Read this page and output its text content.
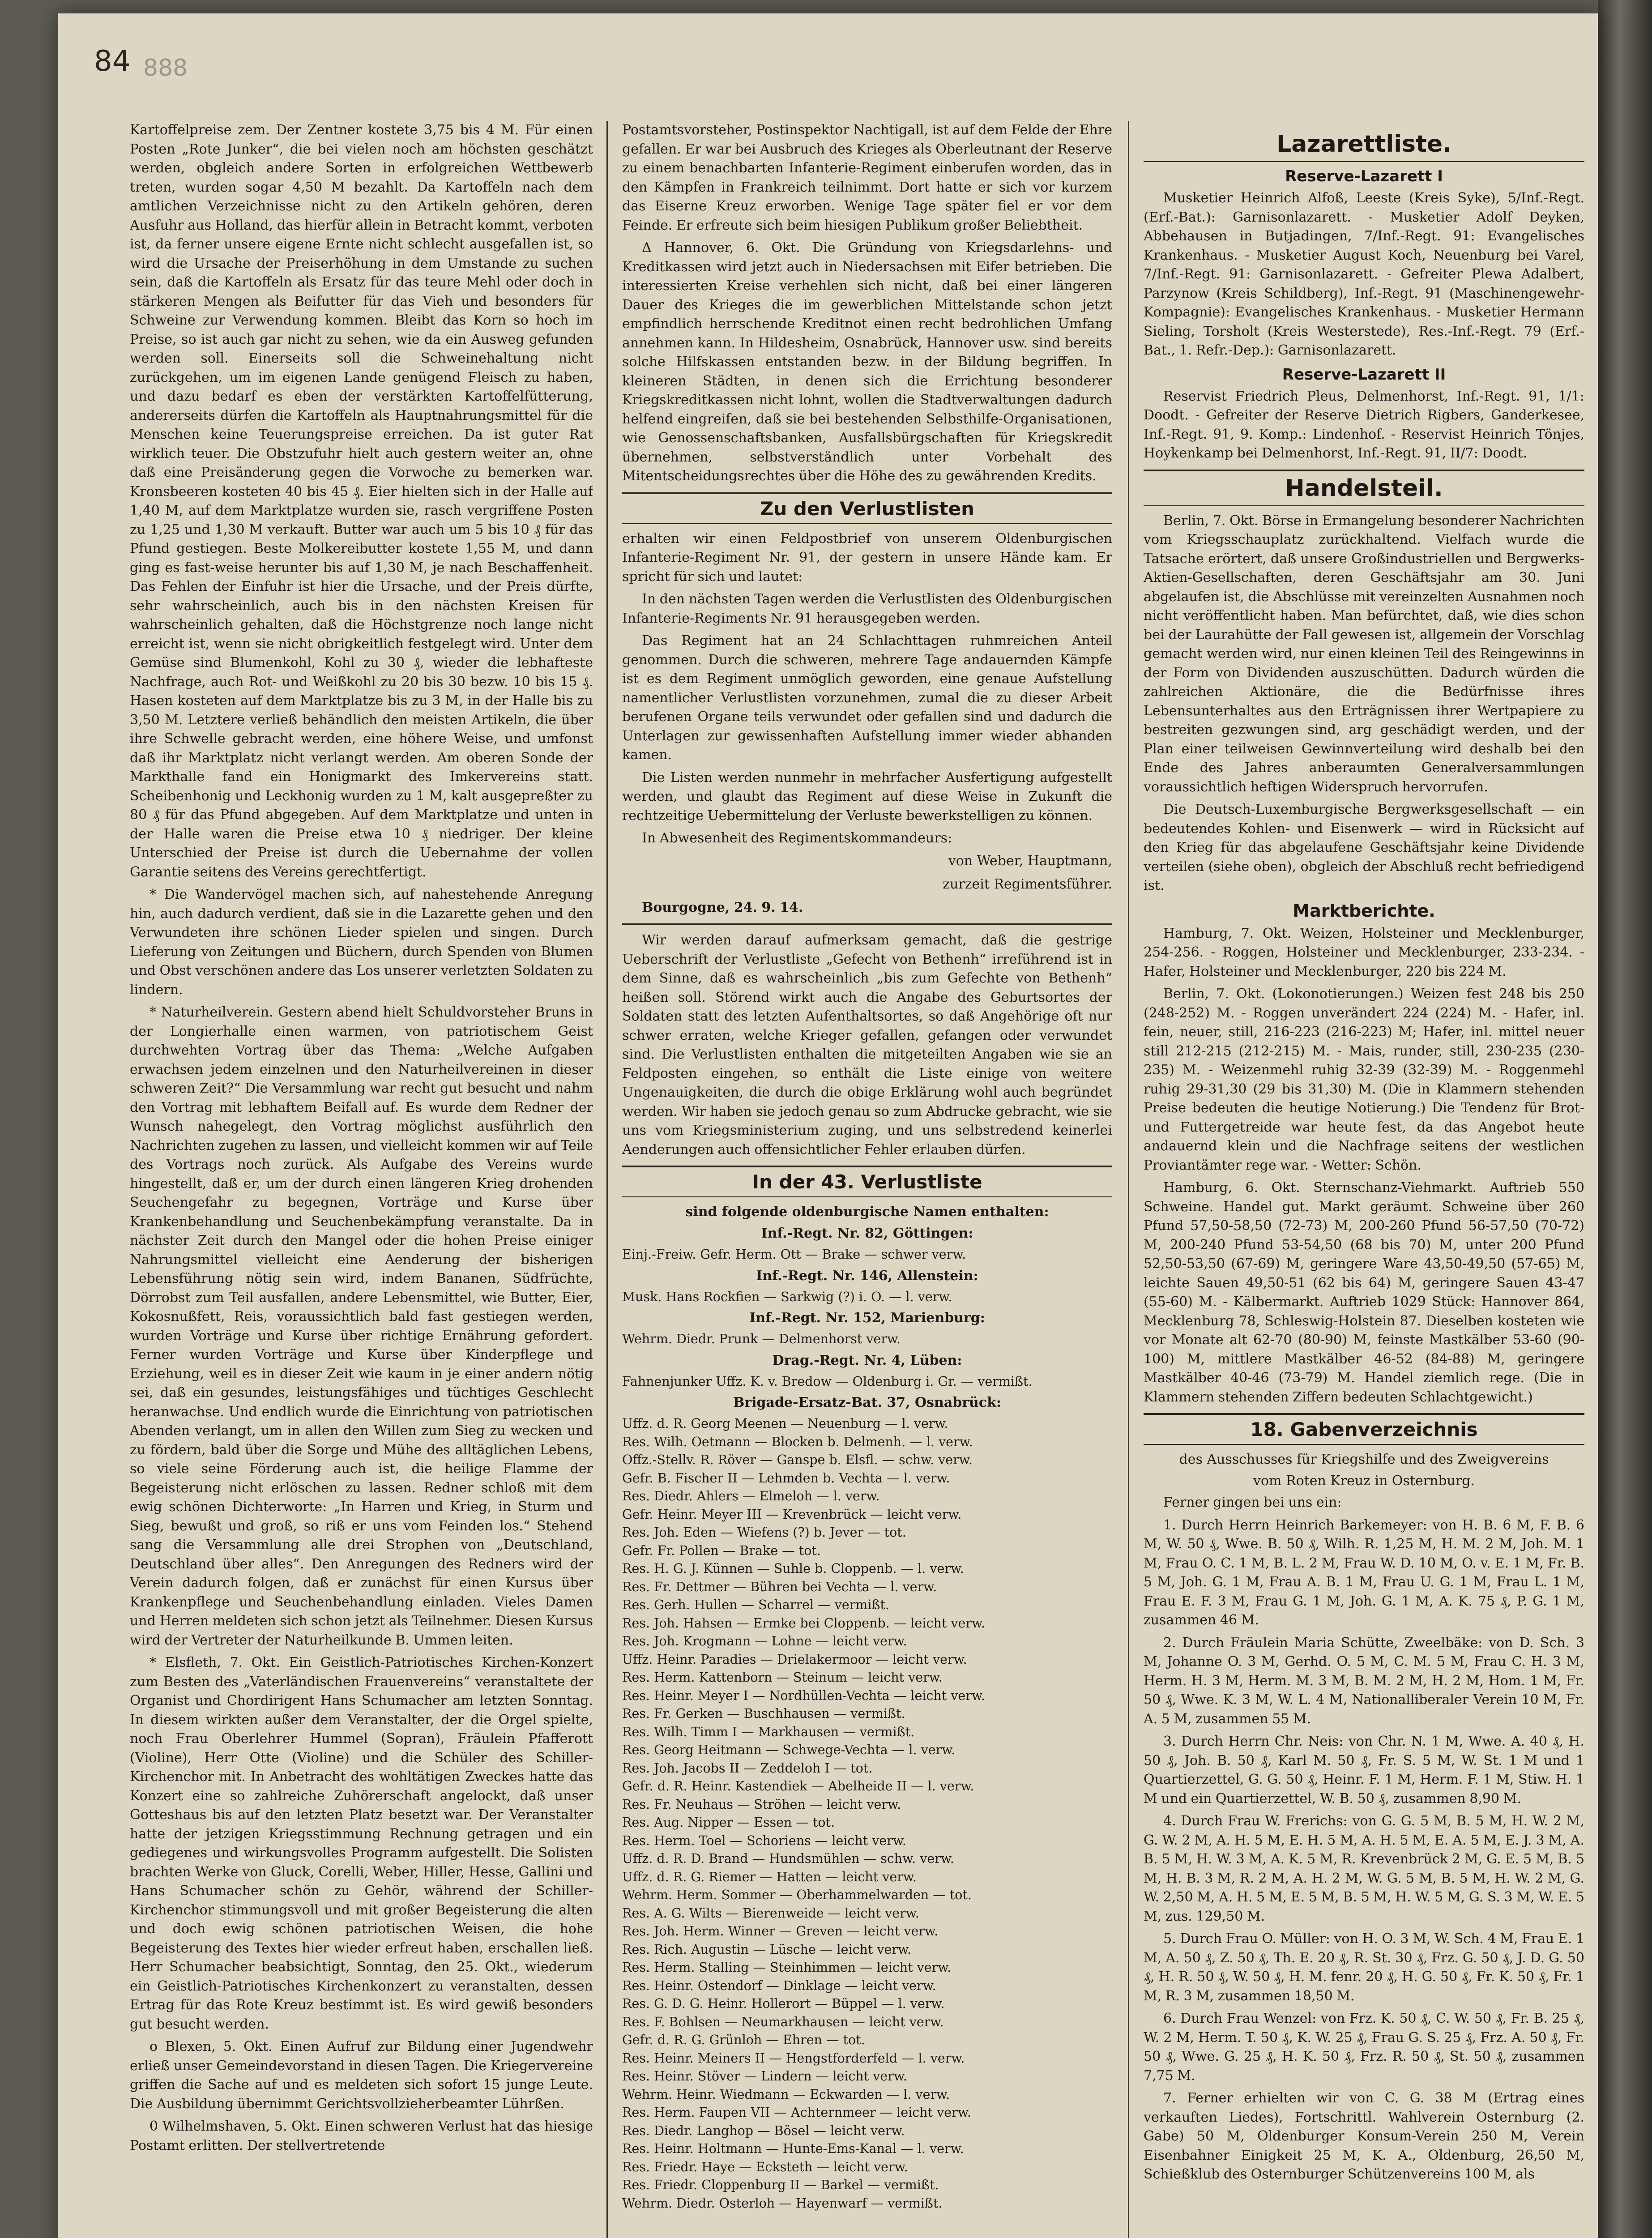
84 888

Kartoffelpreise zem. Der Zentner kostete 3,75 bis 4 M. Für einen Posten „Rote Junker“, die bei vielen noch am höchsten geschätzt werden, obgleich andere Sorten in erfolgreichen Wettbewerb treten, wurden sogar 4,50 M bezahlt. Da Kartoffeln nach dem amtlichen Verzeichnisse nicht zu den Artikeln gehören, deren Ausfuhr aus Holland, das hierfür allein in Betracht kommt, verboten ist, da ferner unsere eigene Ernte nicht schlecht ausgefallen ist, so wird die Ursache der Preiserhöhung in dem Umstande zu suchen sein, daß die Kartoffeln als Ersatz für das teure Mehl oder doch in stärkeren Mengen als Beifutter für das Vieh und besonders für Schweine zur Verwendung kommen. Bleibt das Korn so hoch im Preise, so ist auch gar nicht zu sehen, wie da ein Ausweg gefunden werden soll. Einerseits soll die Schweinehaltung nicht zurückgehen, um im eigenen Lande genügend Fleisch zu haben, und dazu bedarf es eben der verstärkten Kartoffelfütterung, andererseits dürfen die Kartoffeln als Hauptnahrungsmittel für die Menschen keine Teuerungspreise erreichen. Da ist guter Rat wirklich teuer. Die Obstzufuhr hielt auch gestern weiter an, ohne daß eine Preisänderung gegen die Vorwoche zu bemerken war. Kronsbeeren kosteten 40 bis 45 ₰. Eier hielten sich in der Halle auf 1,40 M, auf dem Marktplatze wurden sie, rasch vergriffene Posten zu 1,25 und 1,30 M verkauft. Butter war auch um 5 bis 10 ₰ für das Pfund gestiegen. Beste Molkereibutter kostete 1,55 M, und dann ging es fast-weise herunter bis auf 1,30 M, je nach Beschaffenheit. Das Fehlen der Einfuhr ist hier die Ursache, und der Preis dürfte, sehr wahrscheinlich, auch bis in den nächsten Kreisen für wahrscheinlich gehalten, daß die Höchstgrenze noch lange nicht erreicht ist, wenn sie nicht obrigkeitlich festgelegt wird. Unter dem Gemüse sind Blumenkohl, Kohl zu 30 ₰, wieder die lebhafteste Nachfrage, auch Rot- und Weißkohl zu 20 bis 30 bezw. 10 bis 15 ₰. Hasen kosteten auf dem Marktplatze bis zu 3 M, in der Halle bis zu 3,50 M. Letztere verließ behändlich den meisten Artikeln, die über ihre Schwelle gebracht werden, eine höhere Weise, und umfonst daß ihr Marktplatz nicht verlangt werden. Am oberen Sonde der Markthalle fand ein Honigmarkt des Imkervereins statt. Scheibenhonig und Leckhonig wurden zu 1 M, kalt ausgepreßter zu 80 ₰ für das Pfund abgegeben. Auf dem Marktplatze und unten in der Halle waren die Preise etwa 10 ₰ niedriger. Der kleine Unterschied der Preise ist durch die Uebernahme der vollen Garantie seitens des Vereins gerechtfertigt.

* Die Wandervögel machen sich, auf nahestehende Anregung hin, auch dadurch verdient, daß sie in die Lazarette gehen und den Verwundeten ihre schönen Lieder spielen und singen. Durch Lieferung von Zeitungen und Büchern, durch Spenden von Blumen und Obst verschönen andere das Los unserer verletzten Soldaten zu lindern.

* Naturheilverein. Gestern abend hielt Schuldvorsteher Bruns in der Longierhalle einen warmen, von patriotischem Geist durchwehten Vortrag über das Thema: „Welche Aufgaben erwachsen jedem einzelnen und den Naturheilvereinen in dieser schweren Zeit?“ Die Versammlung war recht gut besucht und nahm den Vortrag mit lebhaftem Beifall auf. Es wurde dem Redner der Wunsch nahegelegt, den Vortrag möglichst ausführlich den Nachrichten zugehen zu lassen, und vielleicht kommen wir auf Teile des Vortrags noch zurück. Als Aufgabe des Vereins wurde hingestellt, daß er, um der durch einen längeren Krieg drohenden Seuchengefahr zu begegnen, Vorträge und Kurse über Krankenbehandlung und Seuchenbekämpfung veranstalte. Da in nächster Zeit durch den Mangel oder die hohen Preise einiger Nahrungsmittel vielleicht eine Aenderung der bisherigen Lebensführung nötig sein wird, indem Bananen, Südfrüchte, Dörrobst zum Teil ausfallen, andere Lebensmittel, wie Butter, Eier, Kokosnußfett, Reis, voraussichtlich bald fast gestiegen werden, wurden Vorträge und Kurse über richtige Ernährung gefordert. Ferner wurden Vorträge und Kurse über Kinderpflege und Erziehung, weil es in dieser Zeit wie kaum in je einer andern nötig sei, daß ein gesundes, leistungsfähiges und tüchtiges Geschlecht heranwachse. Und endlich wurde die Einrichtung von patriotischen Abenden verlangt, um in allen den Willen zum Sieg zu wecken und zu fördern, bald über die Sorge und Mühe des alltäglichen Lebens, so viele seine Förderung auch ist, die heilige Flamme der Begeisterung nicht erlöschen zu lassen. Redner schloß mit dem ewig schönen Dichterworte: „In Harren und Krieg, in Sturm und Sieg, bewußt und groß, so riß er uns vom Feinden los.“ Stehend sang die Versammlung alle drei Strophen von „Deutschland, Deutschland über alles“. Den Anregungen des Redners wird der Verein dadurch folgen, daß er zunächst für einen Kursus über Krankenpflege und Seuchenbehandlung einladen. Vieles Damen und Herren meldeten sich schon jetzt als Teilnehmer. Diesen Kursus wird der Vertreter der Naturheilkunde B. Ummen leiten.

* Elsfleth, 7. Okt. Ein Geistlich-Patriotisches Kirchen-Konzert zum Besten des „Vaterländischen Frauenvereins“ veranstaltete der Organist und Chordirigent Hans Schumacher am letzten Sonntag. In diesem wirkten außer dem Veranstalter, der die Orgel spielte, noch Frau Oberlehrer Hummel (Sopran), Fräulein Pfafferott (Violine), Herr Otte (Violine) und die Schüler des Schiller-Kirchenchor mit. In Anbetracht des wohltätigen Zweckes hatte das Konzert eine so zahlreiche Zuhörerschaft angelockt, daß unser Gotteshaus bis auf den letzten Platz besetzt war. Der Veranstalter hatte der jetzigen Kriegsstimmung Rechnung getragen und ein gediegenes und wirkungsvolles Programm aufgestellt. Die Solisten brachten Werke von Gluck, Corelli, Weber, Hiller, Hesse, Gallini und Hans Schumacher schön zu Gehör, während der Schiller-Kirchenchor stimmungsvoll und mit großer Begeisterung die alten und doch ewig schönen patriotischen Weisen, die hohe Begeisterung des Textes hier wieder erfreut haben, erschallen ließ. Herr Schumacher beabsichtigt, Sonntag, den 25. Okt., wiederum ein Geistlich-Patriotisches Kirchenkonzert zu veranstalten, dessen Ertrag für das Rote Kreuz bestimmt ist. Es wird gewiß besonders gut besucht werden.

o Blexen, 5. Okt. Einen Aufruf zur Bildung einer Jugendwehr erließ unser Gemeindevorstand in diesen Tagen. Die Kriegervereine griffen die Sache auf und es meldeten sich sofort 15 junge Leute. Die Ausbildung übernimmt Gerichtsvollzieherbeamter Lührßen.

0 Wilhelmshaven, 5. Okt. Einen schweren Verlust hat das hiesige Postamt erlitten. Der stellvertretende

Postamtsvorsteher, Postinspektor Nachtigall, ist auf dem Felde der Ehre gefallen. Er war bei Ausbruch des Krieges als Oberleutnant der Reserve zu einem benachbarten Infanterie-Regiment einberufen worden, das in den Kämpfen in Frankreich teilnimmt. Dort hatte er sich vor kurzem das Eiserne Kreuz erworben. Wenige Tage später fiel er vor dem Feinde. Er erfreute sich beim hiesigen Publikum großer Beliebtheit.

Δ Hannover, 6. Okt. Die Gründung von Kriegsdarlehns- und Kreditkassen wird jetzt auch in Niedersachsen mit Eifer betrieben. Die interessierten Kreise verhehlen sich nicht, daß bei einer längeren Dauer des Krieges die im gewerblichen Mittelstande schon jetzt empfindlich herrschende Kreditnot einen recht bedrohlichen Umfang annehmen kann. In Hildesheim, Osnabrück, Hannover usw. sind bereits solche Hilfskassen entstanden bezw. in der Bildung begriffen. In kleineren Städten, in denen sich die Errichtung besonderer Kriegskreditkassen nicht lohnt, wollen die Stadtverwaltungen dadurch helfend eingreifen, daß sie bei bestehenden Selbsthilfe-Organisationen, wie Genossenschaftsbanken, Ausfallsbürgschaften für Kriegskredit übernehmen, selbstverständlich unter Vorbehalt des Mitentscheidungsrechtes über die Höhe des zu gewährenden Kredits.

Zu den Verlustlisten

erhalten wir einen Feldpostbrief von unserem Oldenburgischen Infanterie-Regiment Nr. 91, der gestern in unsere Hände kam. Er spricht für sich und lautet:

In den nächsten Tagen werden die Verlustlisten des Oldenburgischen Infanterie-Regiments Nr. 91 herausgegeben werden.

Das Regiment hat an 24 Schlachttagen ruhmreichen Anteil genommen. Durch die schweren, mehrere Tage andauernden Kämpfe ist es dem Regiment unmöglich geworden, eine genaue Aufstellung namentlicher Verlustlisten vorzunehmen, zumal die zu dieser Arbeit berufenen Organe teils verwundet oder gefallen sind und dadurch die Unterlagen zur gewissenhaften Aufstellung immer wieder abhanden kamen.

Die Listen werden nunmehr in mehrfacher Ausfertigung aufgestellt werden, und glaubt das Regiment auf diese Weise in Zukunft die rechtzeitige Uebermittelung der Verluste bewerkstelligen zu können.

In Abwesenheit des Regimentskommandeurs:

von Weber, Hauptmann,
zurzeit Regimentsführer.

Bourgogne, 24. 9. 14.

Wir werden darauf aufmerksam gemacht, daß die gestrige Ueberschrift der Verlustliste „Gefecht von Bethenh“ irreführend ist in dem Sinne, daß es wahrscheinlich „bis zum Gefechte von Bethenh“ heißen soll. Störend wirkt auch die Angabe des Geburtsortes der Soldaten statt des letzten Aufenthaltsortes, so daß Angehörige oft nur schwer erraten, welche Krieger gefallen, gefangen oder verwundet sind. Die Verlustlisten enthalten die mitgeteilten Angaben wie sie an Feldposten eingehen, so enthält die Liste einige von weitere Ungenauigkeiten, die durch die obige Erklärung wohl auch begründet werden. Wir haben sie jedoch genau so zum Abdrucke gebracht, wie sie uns vom Kriegsministerium zuging, und uns selbstredend keinerlei Aenderungen auch offensichtlicher Fehler erlauben dürfen.

In der 43. Verlustliste
sind folgende oldenburgische Namen enthalten:
Inf.-Regt. Nr. 82, Göttingen:
Einj.-Freiw. Gefr. Herm. Ott — Brake — schwer verw.
Inf.-Regt. Nr. 146, Allenstein:
Musk. Hans Rockfien — Sarkwig (?) i. O. — l. verw.
Inf.-Regt. Nr. 152, Marienburg:
Wehrm. Diedr. Prunk — Delmenhorst verw.
Drag.-Regt. Nr. 4, Lüben:
Fahnenjunker Uffz. K. v. Bredow — Oldenburg i. Gr. — vermißt.
Brigade-Ersatz-Bat. 37, Osnabrück:
Uffz. d. R. Georg Meenen — Neuenburg — l. verw.
Res. Wilh. Oetmann — Blocken b. Delmenh. — l. verw.
Offz.-Stellv. R. Röver — Ganspe b. Elsfl. — schw. verw.
Gefr. B. Fischer II — Lehmden b. Vechta — l. verw.
Res. Diedr. Ahlers — Elmeloh — l. verw.
Gefr. Heinr. Meyer III — Krevenbrück — leicht verw.
Res. Joh. Eden — Wiefens (?) b. Jever — tot.
Gefr. Fr. Pollen — Brake — tot.
Res. H. G. J. Künnen — Suhle b. Cloppenb. — l. verw.
Res. Fr. Dettmer — Bühren bei Vechta — l. verw.
Res. Gerh. Hullen — Scharrel — vermißt.
Res. Joh. Hahsen — Ermke bei Cloppenb. — leicht verw.
Res. Joh. Krogmann — Lohne — leicht verw.
Uffz. Heinr. Paradies — Drielakermoor — leicht verw.
Res. Herm. Kattenborn — Steinum — leicht verw.
Res. Heinr. Meyer I — Nordhüllen-Vechta — leicht verw.
Res. Fr. Gerken — Buschhausen — vermißt.
Res. Wilh. Timm I — Markhausen — vermißt.
Res. Georg Heitmann — Schwege-Vechta — l. verw.
Res. Joh. Jacobs II — Zeddeloh I — tot.
Gefr. d. R. Heinr. Kastendiek — Abelheide II — l. verw.
Res. Fr. Neuhaus — Ströhen — leicht verw.
Res. Aug. Nipper — Essen — tot.
Res. Herm. Toel — Schoriens — leicht verw.
Uffz. d. R. D. Brand — Hundsmühlen — schw. verw.
Uffz. d. R. G. Riemer — Hatten — leicht verw.
Wehrm. Herm. Sommer — Oberhammelwarden — tot.
Res. A. G. Wilts — Bierenweide — leicht verw.
Res. Joh. Herm. Winner — Greven — leicht verw.
Res. Rich. Augustin — Lüsche — leicht verw.
Res. Herm. Stalling — Steinhimmen — leicht verw.
Res. Heinr. Ostendorf — Dinklage — leicht verw.
Res. G. D. G. Heinr. Hollerort — Büppel — l. verw.
Res. F. Bohlsen — Neumarkhausen — leicht verw.
Gefr. d. R. G. Grünloh — Ehren — tot.
Res. Heinr. Meiners II — Hengstforderfeld — l. verw.
Res. Heinr. Stöver — Lindern — leicht verw.
Wehrm. Heinr. Wiedmann — Eckwarden — l. verw.
Res. Herm. Faupen VII — Achternmeer — leicht verw.
Res. Diedr. Langhop — Bösel — leicht verw.
Res. Heinr. Holtmann — Hunte-Ems-Kanal — l. verw.
Res. Friedr. Haye — Ecksteth — leicht verw.
Res. Friedr. Cloppenburg II — Barkel — vermißt.
Wehrm. Diedr. Osterloh — Hayenwarf — vermißt.
Lazarettliste.
Reserve-Lazarett I

Musketier Heinrich Alfoß, Leeste (Kreis Syke), 5/Inf.-Regt. (Erf.-Bat.): Garnisonlazarett. - Musketier Adolf Deyken, Abbehausen in Butjadingen, 7/Inf.-Regt. 91: Evangelisches Krankenhaus. - Musketier August Koch, Neuenburg bei Varel, 7/Inf.-Regt. 91: Garnisonlazarett. - Gefreiter Plewa Adalbert, Parzynow (Kreis Schildberg), Inf.-Regt. 91 (Maschinengewehr-Kompagnie): Evangelisches Krankenhaus. - Musketier Hermann Sieling, Torsholt (Kreis Westerstede), Res.-Inf.-Regt. 79 (Erf.-Bat., 1. Refr.-Dep.): Garnisonlazarett.

Reserve-Lazarett II

Reservist Friedrich Pleus, Delmenhorst, Inf.-Regt. 91, 1/1: Doodt. - Gefreiter der Reserve Dietrich Rigbers, Ganderkesee, Inf.-Regt. 91, 9. Komp.: Lindenhof. - Reservist Heinrich Tönjes, Hoykenkamp bei Delmenhorst, Inf.-Regt. 91, II/7: Doodt.

Handelsteil.

Berlin, 7. Okt. Börse in Ermangelung besonderer Nachrichten vom Kriegsschauplatz zurückhaltend. Vielfach wurde die Tatsache erörtert, daß unsere Großindustriellen und Bergwerks-Aktien-Gesellschaften, deren Geschäftsjahr am 30. Juni abgelaufen ist, die Abschlüsse mit vereinzelten Ausnahmen noch nicht veröffentlicht haben. Man befürchtet, daß, wie dies schon bei der Laurahütte der Fall gewesen ist, allgemein der Vorschlag gemacht werden wird, nur einen kleinen Teil des Reingewinns in der Form von Dividenden auszuschütten. Dadurch würden die zahlreichen Aktionäre, die die Bedürfnisse ihres Lebensunterhaltes aus den Erträgnissen ihrer Wertpapiere zu bestreiten gezwungen sind, arg geschädigt werden, und der Plan einer teilweisen Gewinnverteilung wird deshalb bei den Ende des Jahres anberaumten Generalversammlungen voraussichtlich heftigen Widerspruch hervorrufen.

Die Deutsch-Luxemburgische Bergwerksgesellschaft — ein bedeutendes Kohlen- und Eisenwerk — wird in Rücksicht auf den Krieg für das abgelaufene Geschäftsjahr keine Dividende verteilen (siehe oben), obgleich der Abschluß recht befriedigend ist.

Marktberichte.

Hamburg, 7. Okt. Weizen, Holsteiner und Mecklenburger, 254-256. - Roggen, Holsteiner und Mecklenburger, 233-234. - Hafer, Holsteiner und Mecklenburger, 220 bis 224 M.

Berlin, 7. Okt. (Lokonotierungen.) Weizen fest 248 bis 250 (248-252) M. - Roggen unverändert 224 (224) M. - Hafer, inl. fein, neuer, still, 216-223 (216-223) M; Hafer, inl. mittel neuer still 212-215 (212-215) M. - Mais, runder, still, 230-235 (230-235) M. - Weizenmehl ruhig 32-39 (32-39) M. - Roggenmehl ruhig 29-31,30 (29 bis 31,30) M. (Die in Klammern stehenden Preise bedeuten die heutige Notierung.) Die Tendenz für Brot- und Futtergetreide war heute fest, da das Angebot heute andauernd klein und die Nachfrage seitens der westlichen Proviantämter rege war. - Wetter: Schön.

Hamburg, 6. Okt. Sternschanz-Viehmarkt. Auftrieb 550 Schweine. Handel gut. Markt geräumt. Schweine über 260 Pfund 57,50-58,50 (72-73) M, 200-260 Pfund 56-57,50 (70-72) M, 200-240 Pfund 53-54,50 (68 bis 70) M, unter 200 Pfund 52,50-53,50 (67-69) M, geringere Ware 43,50-49,50 (57-65) M, leichte Sauen 49,50-51 (62 bis 64) M, geringere Sauen 43-47 (55-60) M. - Kälbermarkt. Auftrieb 1029 Stück: Hannover 864, Mecklenburg 78, Schleswig-Holstein 87. Dieselben kosteten wie vor Monate alt 62-70 (80-90) M, feinste Mastkälber 53-60 (90-100) M, mittlere Mastkälber 46-52 (84-88) M, geringere Mastkälber 40-46 (73-79) M. Handel ziemlich rege. (Die in Klammern stehenden Ziffern bedeuten Schlachtgewicht.)

18. Gabenverzeichnis
des Ausschusses für Kriegshilfe und des Zweigvereins
vom Roten Kreuz in Osternburg.

Ferner gingen bei uns ein:

1. Durch Herrn Heinrich Barkemeyer: von H. B. 6 M, F. B. 6 M, W. 50 ₰, Wwe. B. 50 ₰, Wilh. R. 1,25 M, H. M. 2 M, Joh. M. 1 M, Frau O. C. 1 M, B. L. 2 M, Frau W. D. 10 M, O. v. E. 1 M, Fr. B. 5 M, Joh. G. 1 M, Frau A. B. 1 M, Frau U. G. 1 M, Frau L. 1 M, Frau E. F. 3 M, Frau G. 1 M, Joh. G. 1 M, A. K. 75 ₰, P. G. 1 M, zusammen 46 M.

2. Durch Fräulein Maria Schütte, Zweelbäke: von D. Sch. 3 M, Johanne O. 3 M, Gerhd. O. 5 M, C. M. 5 M, Frau C. H. 3 M, Herm. H. 3 M, Herm. M. 3 M, B. M. 2 M, H. 2 M, Hom. 1 M, Fr. 50 ₰, Wwe. K. 3 M, W. L. 4 M, Nationalliberaler Verein 10 M, Fr. A. 5 M, zusammen 55 M.

3. Durch Herrn Chr. Neis: von Chr. N. 1 M, Wwe. A. 40 ₰, H. 50 ₰, Joh. B. 50 ₰, Karl M. 50 ₰, Fr. S. 5 M, W. St. 1 M und 1 Quartierzettel, G. G. 50 ₰, Heinr. F. 1 M, Herm. F. 1 M, Stiw. H. 1 M und ein Quartierzettel, W. B. 50 ₰, zusammen 8,90 M.

4. Durch Frau W. Frerichs: von G. G. 5 M, B. 5 M, H. W. 2 M, G. W. 2 M, A. H. 5 M, E. H. 5 M, A. H. 5 M, E. A. 5 M, E. J. 3 M, A. B. 5 M, H. W. 3 M, A. K. 5 M, R. Krevenbrück 2 M, G. E. 5 M, B. 5 M, H. B. 3 M, R. 2 M, A. H. 2 M, W. G. 5 M, B. 5 M, H. W. 2 M, G. W. 2,50 M, A. H. 5 M, E. 5 M, B. 5 M, H. W. 5 M, G. S. 3 M, W. E. 5 M, zus. 129,50 M.

5. Durch Frau O. Müller: von H. O. 3 M, W. Sch. 4 M, Frau E. 1 M, A. 50 ₰, Z. 50 ₰, Th. E. 20 ₰, R. St. 30 ₰, Frz. G. 50 ₰, J. D. G. 50 ₰, H. R. 50 ₰, W. 50 ₰, H. M. fenr. 20 ₰, H. G. 50 ₰, Fr. K. 50 ₰, Fr. 1 M, R. 3 M, zusammen 18,50 M.

6. Durch Frau Wenzel: von Frz. K. 50 ₰, C. W. 50 ₰, Fr. B. 25 ₰, W. 2 M, Herm. T. 50 ₰, K. W. 25 ₰, Frau G. S. 25 ₰, Frz. A. 50 ₰, Fr. 50 ₰, Wwe. G. 25 ₰, H. K. 50 ₰, Frz. R. 50 ₰, St. 50 ₰, zusammen 7,75 M.

7. Ferner erhielten wir von C. G. 38 M (Ertrag eines verkauften Liedes), Fortschrittl. Wahlverein Osternburg (2. Gabe) 50 M, Oldenburger Konsum-Verein 250 M, Verein Eisenbahner Einigkeit 25 M, K. A., Oldenburg, 26,50 M, Schießklub des Osternburger Schützenvereins 100 M, als
